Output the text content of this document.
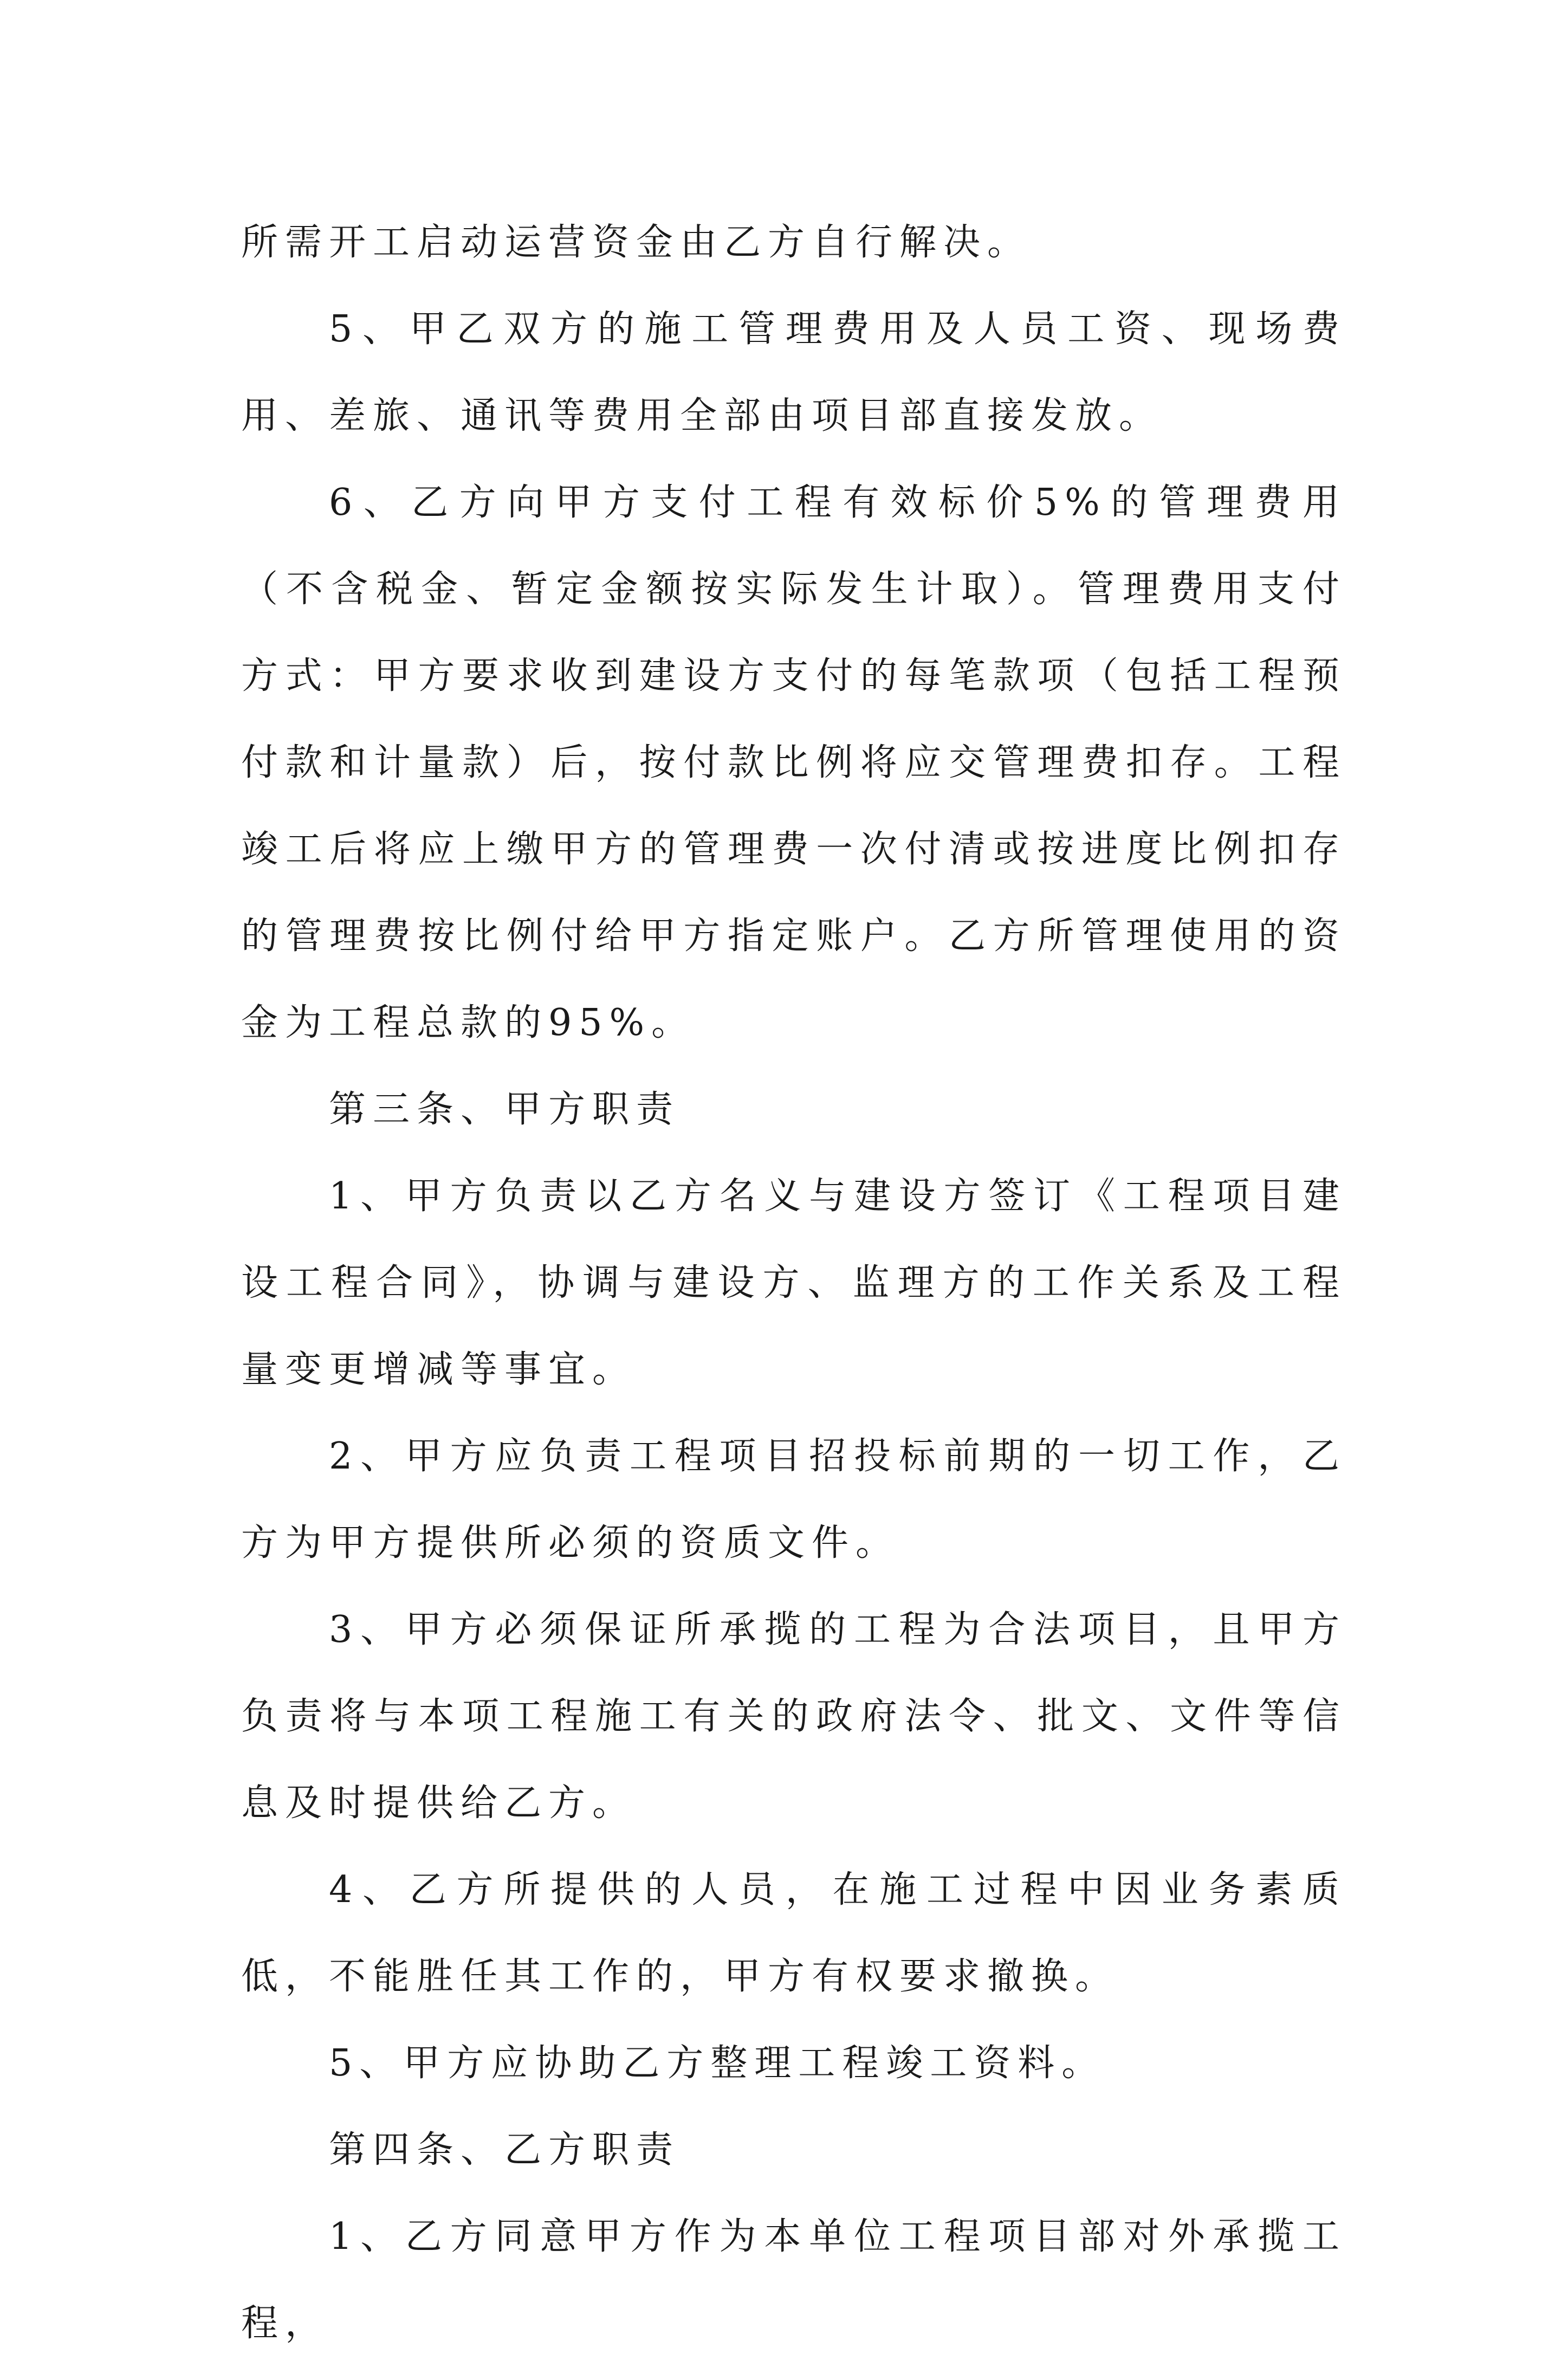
所需开工启动运营资金由乙方自行解决。

5、甲乙双方的施工管理费用及人员工资、现场费用、差旅、通讯等费用全部由项目部直接发放。

6、乙方向甲方支付工程有效标价5%的管理费用（不含税金、暂定金额按实际发生计取）。管理费用支付方式：甲方要求收到建设方支付的每笔款项（包括工程预付款和计量款）后，按付款比例将应交管理费扣存。工程竣工后将应上缴甲方的管理费一次付清或按进度比例扣存的管理费按比例付给甲方指定账户。乙方所管理使用的资金为工程总款的95%。

第三条、甲方职责

1、甲方负责以乙方名义与建设方签订《工程项目建设工程合同》，协调与建设方、监理方的工作关系及工程量变更增减等事宜。

2、甲方应负责工程项目招投标前期的一切工作，乙方为甲方提供所必须的资质文件。

3、甲方必须保证所承揽的工程为合法项目，且甲方负责将与本项工程施工有关的政府法令、批文、文件等信息及时提供给乙方。

4、乙方所提供的人员，在施工过程中因业务素质低，不能胜任其工作的，甲方有权要求撤换。

5、甲方应协助乙方整理工程竣工资料。

第四条、乙方职责

1、乙方同意甲方作为本单位工程项目部对外承揽工程，
